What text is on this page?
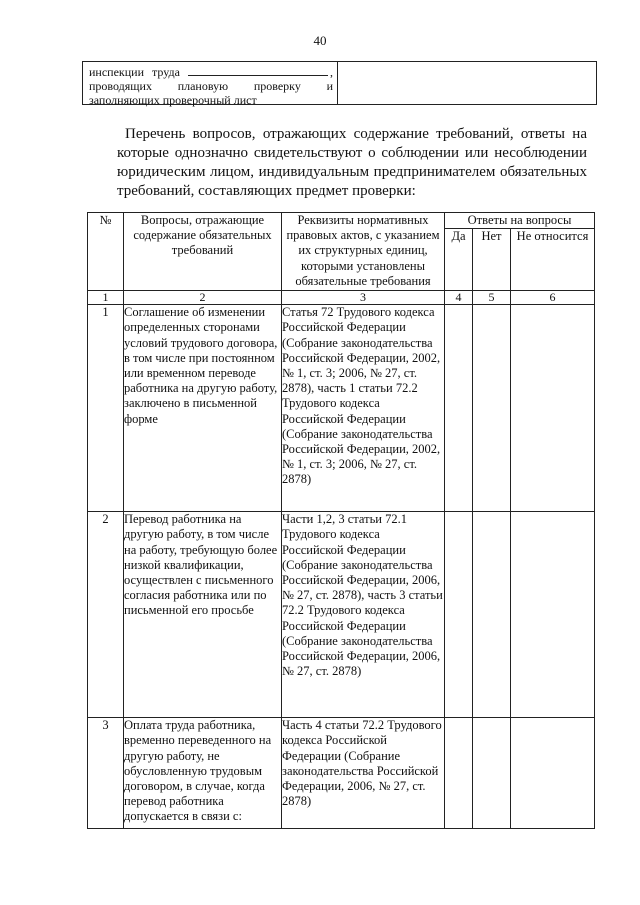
40
инспекции труда	,
проводящих плановую проверку и
заполняющих проверочный лист
Перечень вопросов, отражающих содержание требований, ответы на которые однозначно свидетельствуют о соблюдении или несоблюдении юридическим лицом, индивидуальным предпринимателем обязательных требований, составляющих предмет проверки:
№	Вопросы, отражающие содержание обязательных требований	Реквизиты нормативных правовых актов, с указанием их структурных единиц, которыми установлены обязательные требования	Ответы на вопросы		
			Да	Нет	Не относится
1	2	3	4	5	6
1	Соглашение об изменении определенных сторонами условий трудового договора, в том числе при постоянном или временном переводе работника на другую работу, заключено в письменной форме	Статья 72 Трудового кодекса Российской Федерации (Собрание законодательства Российской Федерации, 2002, № 1, ст. 3; 2006, № 27, ст. 2878), часть 1 статьи 72.2 Трудового кодекса Российской Федерации (Собрание законодательства Российской Федерации, 2002, № 1, ст. 3; 2006, № 27, ст. 2878)			
2	Перевод работника на другую работу, в том числе на работу, требующую более низкой квалификации, осуществлен с письменного согласия работника или по письменной его просьбе	Части 1,2, 3 статьи 72.1 Трудового кодекса Российской Федерации (Собрание законодательства Российской Федерации, 2006, № 27, ст. 2878), часть 3 статьи 72.2 Трудового кодекса Российской Федерации (Собрание законодательства Российской Федерации, 2006, № 27, ст. 2878)			
3	Оплата труда работника, временно переведенного на другую работу, не обусловленную трудовым договором, в случае, когда перевод работника допускается в связи с:	Часть 4 статьи 72.2 Трудового кодекса Российской Федерации (Собрание законодательства Российской Федерации, 2006, № 27, ст. 2878)			
